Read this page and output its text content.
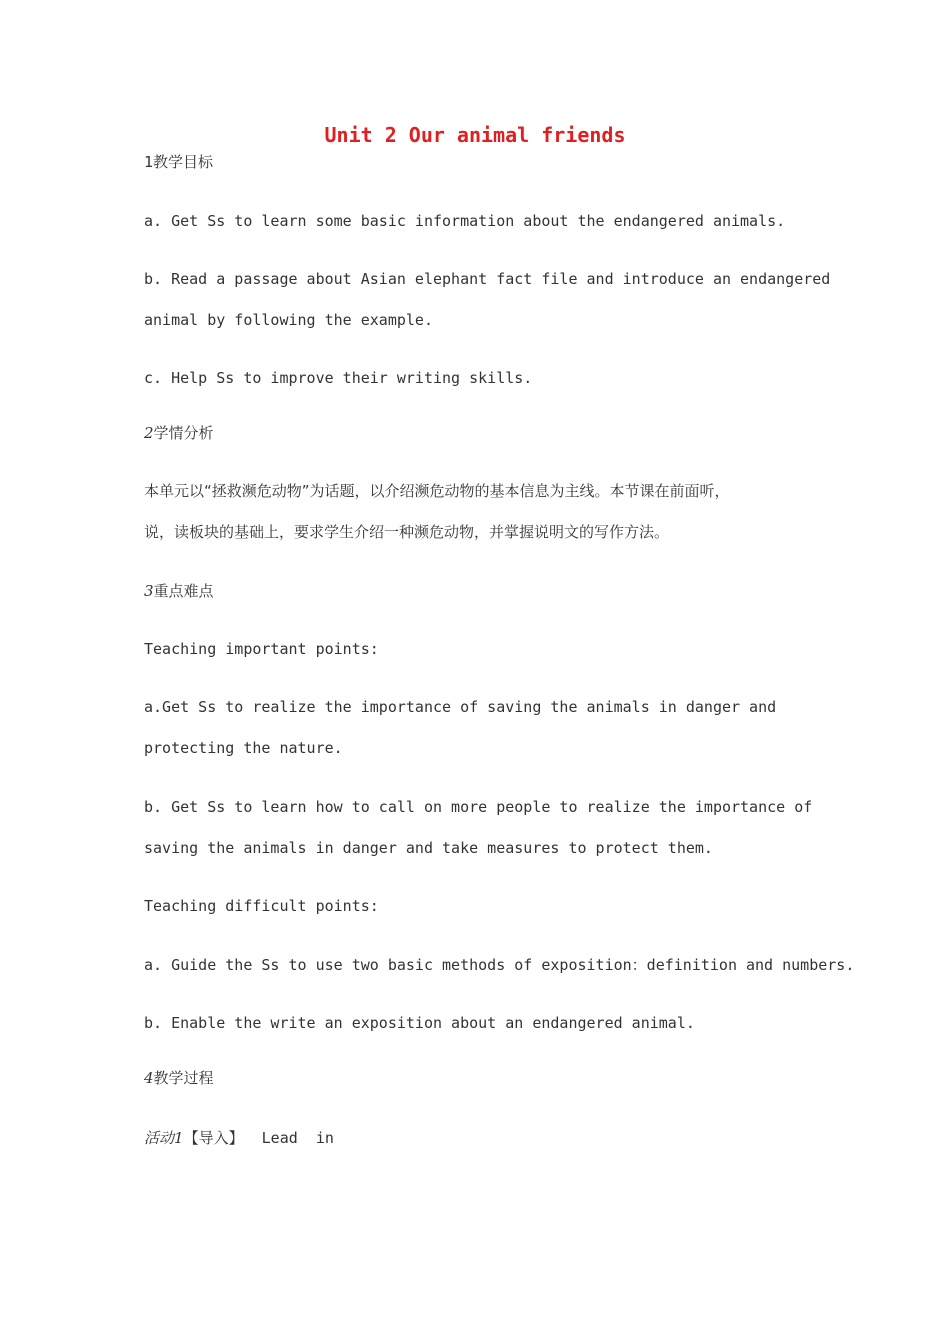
Unit 2 Our animal friends
1教学目标
a. Get Ss to learn some basic information about the endangered animals.
b. Read a passage about Asian elephant fact file and introduce an endangered
animal by following the example.
c. Help Ss to improve their writing skills.
2学情分析
本单元以“拯救濒危动物”为话题，以介绍濒危动物的基本信息为主线。本节课在前面听，
说，读板块的基础上，要求学生介绍一种濒危动物，并掌握说明文的写作方法。
3重点难点
Teaching important points:
a.Get Ss to realize the importance of saving the animals in danger and
protecting the nature.
b. Get Ss to learn how to call on more people to realize the importance of
saving the animals in danger and take measures to protect them.
Teaching difficult points:
a. Guide the Ss to use two basic methods of exposition：definition and numbers.
b. Enable the write an exposition about an endangered animal.
4教学过程
活动1【导入】 Lead  in
